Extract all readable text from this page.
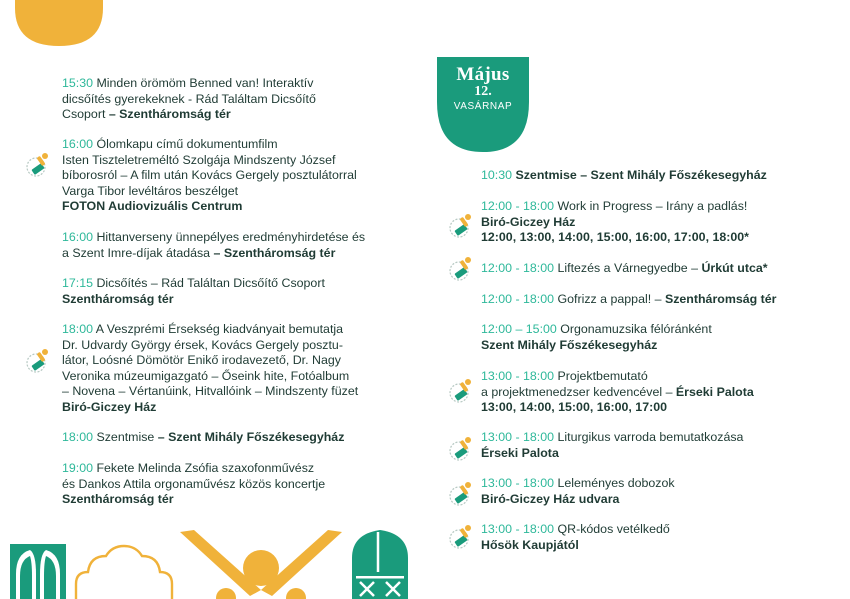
Május
12.
VASÁRNAP
15:30 Minden örömöm Benned van! Interaktív
dicsőítés gyerekeknek - Rád Találtam Dicsőítő
Csoport – Szentháromság tér
16:00 Ólomkapu című dokumentumfilm
Isten Tiszteletreméltó Szolgája Mindszenty József
bíborosról – A film után Kovács Gergely posztulátorral
Varga Tibor levéltáros beszélget
FOTON Audiovizuális Centrum
16:00 Hittanverseny ünnepélyes eredményhirdetése és
a Szent Imre-díjak átadása – Szentháromság tér
17:15 Dicsőítés – Rád Találtan Dicsőítő Csoport
Szentháromság tér
18:00 A Veszprémi Érsekség kiadványait bemutatja
Dr. Udvardy György érsek, Kovács Gergely posztu-
látor, Loósné Dömötör Enikő irodavezető, Dr. Nagy
Veronika múzeumigazgató – Őseink hite, Fotóalbum
– Novena – Vértanúink, Hitvallóink – Mindszenty füzet
Biró-Giczey Ház
18:00 Szentmise – Szent Mihály Főszékesegyház
19:00 Fekete Melinda Zsófia szaxofonművész
és Dankos Attila orgonaművész közös koncertje
Szentháromság tér
10:30 Szentmise – Szent Mihály Főszékesegyház
12:00 - 18:00 Work in Progress – Irány a padlás!
Biró-Giczey Ház
12:00, 13:00, 14:00, 15:00, 16:00, 17:00, 18:00*
12:00 - 18:00 Liftezés a Várnegyedbe – Úrkút utca*
12:00 - 18:00 Gofrizz a pappal! – Szentháromság tér
12:00 – 15:00 Orgonamuzsika félóránként
Szent Mihály Főszékesegyház
13:00 - 18:00 Projektbemutató
a projektmenedzser kedvencével – Érseki Palota
13:00, 14:00, 15:00, 16:00, 17:00
13:00 - 18:00 Liturgikus varroda bemutatkozása
Érseki Palota
13:00 - 18:00 Leleményes dobozok
Biró-Giczey Ház udvara
13:00 - 18:00 QR-kódos vetélkedő
Hősök Kaupjától
